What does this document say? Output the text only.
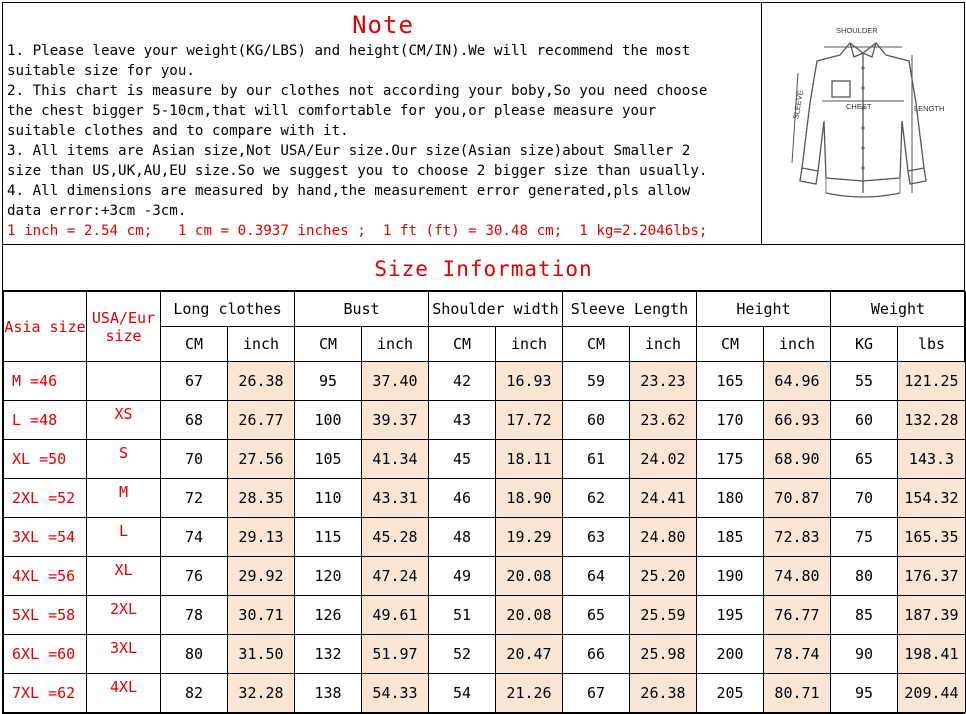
Note
1. Please leave your weight(KG/LBS) and height(CM/IN).We will recommend the most
suitable size for you.
2. This chart is measure by our clothes not according your boby,So you need choose
the chest bigger 5-10cm,that will comfortable for you,or please measure your
suitable clothes and to compare with it.
3. All items are Asian size,Not USA/Eur size.Our size(Asian size)about Smaller 2
size than US,UK,AU,EU size.So we suggest you to choose 2 bigger size than usually.
4. All dimensions are measured by hand,the measurement error generated,pls allow
data error:+3cm -3cm.
1 inch = 2.54 cm;   1 cm = 0.3937 inches ;  1 ft (ft) = 30.48 cm;  1 kg=2.2046lbs;
SHOULDER
CHEST	LENGTH
SLEEVE
Size Information
Asia size	USA/Eur size	Long clothes		Bust		Shoulder width		Sleeve Length		Height		Weight	
		CM	inch	CM	inch	CM	inch	CM	inch	CM	inch	KG	lbs
M =46		67	26.38	95	37.40	42	16.93	59	23.23	165	64.96	55	121.25
L =48	XS	68	26.77	100	39.37	43	17.72	60	23.62	170	66.93	60	132.28
XL =50	S	70	27.56	105	41.34	45	18.11	61	24.02	175	68.90	65	143.3
2XL =52	M	72	28.35	110	43.31	46	18.90	62	24.41	180	70.87	70	154.32
3XL =54	L	74	29.13	115	45.28	48	19.29	63	24.80	185	72.83	75	165.35
4XL =56	XL	76	29.92	120	47.24	49	20.08	64	25.20	190	74.80	80	176.37
5XL =58	2XL	78	30.71	126	49.61	51	20.08	65	25.59	195	76.77	85	187.39
6XL =60	3XL	80	31.50	132	51.97	52	20.47	66	25.98	200	78.74	90	198.41
7XL =62	4XL	82	32.28	138	54.33	54	21.26	67	26.38	205	80.71	95	209.44
